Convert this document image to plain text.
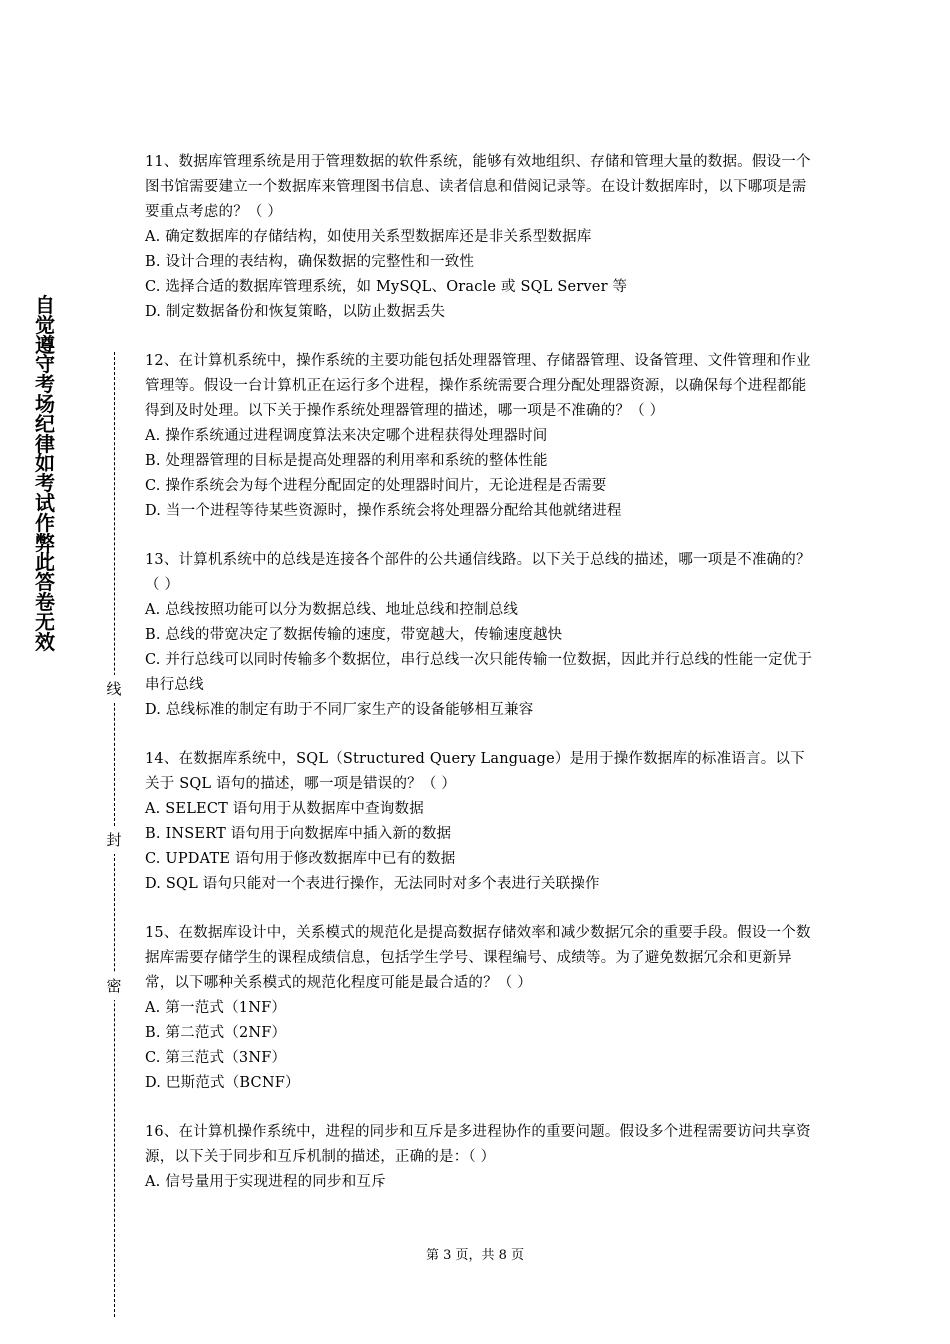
自觉遵守考场纪律如考试作弊此答卷无效
线
封
密
11、数据库管理系统是用于管理数据的软件系统，能够有效地组织、存储和管理大量的数据。假设一个图书馆需要建立一个数据库来管理图书信息、读者信息和借阅记录等。在设计数据库时，以下哪项是需要重点考虑的？（ ）
A. 确定数据库的存储结构，如使用关系型数据库还是非关系型数据库
B. 设计合理的表结构，确保数据的完整性和一致性
C. 选择合适的数据库管理系统，如 MySQL、Oracle 或 SQL Server 等
D. 制定数据备份和恢复策略，以防止数据丢失
12、在计算机系统中，操作系统的主要功能包括处理器管理、存储器管理、设备管理、文件管理和作业管理等。假设一台计算机正在运行多个进程，操作系统需要合理分配处理器资源，以确保每个进程都能得到及时处理。以下关于操作系统处理器管理的描述，哪一项是不准确的？（ ）
A. 操作系统通过进程调度算法来决定哪个进程获得处理器时间
B. 处理器管理的目标是提高处理器的利用率和系统的整体性能
C. 操作系统会为每个进程分配固定的处理器时间片，无论进程是否需要
D. 当一个进程等待某些资源时，操作系统会将处理器分配给其他就绪进程
13、计算机系统中的总线是连接各个部件的公共通信线路。以下关于总线的描述，哪一项是不准确的？（ ）
A. 总线按照功能可以分为数据总线、地址总线和控制总线
B. 总线的带宽决定了数据传输的速度，带宽越大，传输速度越快
C. 并行总线可以同时传输多个数据位，串行总线一次只能传输一位数据，因此并行总线的性能一定优于串行总线
D. 总线标准的制定有助于不同厂家生产的设备能够相互兼容
14、在数据库系统中，SQL（Structured Query Language）是用于操作数据库的标准语言。以下关于 SQL 语句的描述，哪一项是错误的？（ ）
A. SELECT 语句用于从数据库中查询数据
B. INSERT 语句用于向数据库中插入新的数据
C. UPDATE 语句用于修改数据库中已有的数据
D. SQL 语句只能对一个表进行操作，无法同时对多个表进行关联操作
15、在数据库设计中，关系模式的规范化是提高数据存储效率和减少数据冗余的重要手段。假设一个数据库需要存储学生的课程成绩信息，包括学生学号、课程编号、成绩等。为了避免数据冗余和更新异常，以下哪种关系模式的规范化程度可能是最合适的？（ ）
A. 第一范式（1NF）
B. 第二范式（2NF）
C. 第三范式（3NF）
D. 巴斯范式（BCNF）
16、在计算机操作系统中，进程的同步和互斥是多进程协作的重要问题。假设多个进程需要访问共享资源，以下关于同步和互斥机制的描述，正确的是：（ ）
A. 信号量用于实现进程的同步和互斥
第 3 页，共 8 页
